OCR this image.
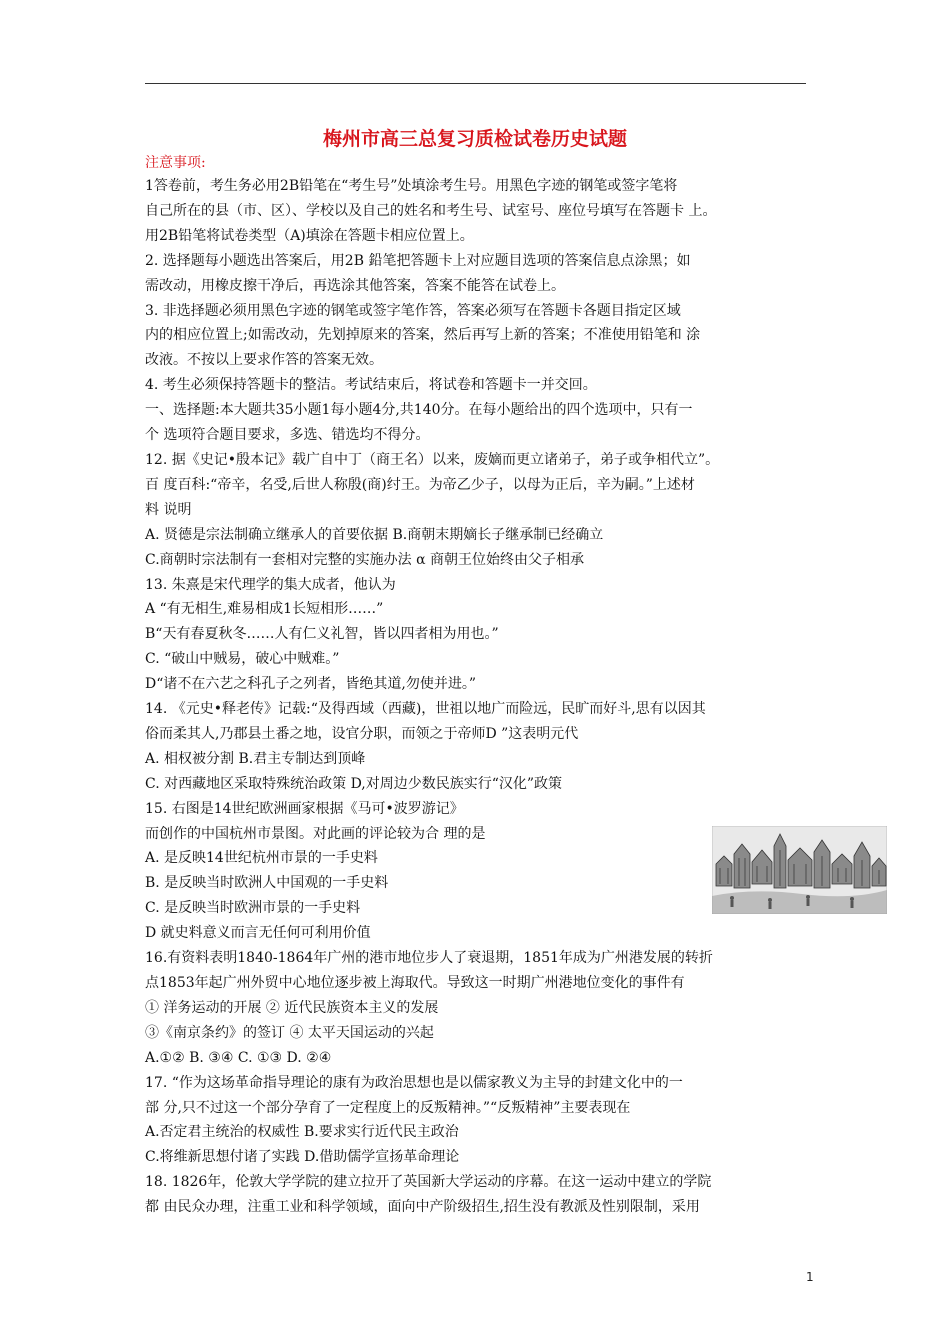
梅州市高三总复习质检试卷历史试题

注意事项:

1答卷前，考生务必用2B铅笔在“考生号”处填涂考生号。用黑色字迹的钢笔或签字笔将

自己所在的县（市、区）、学校以及自己的姓名和考生号、试室号、座位号填写在答题卡 上。

用2B铅笔将试卷类型（A)填涂在答题卡相应位置上。

2. 选择题每小题选出答案后，用2B 鉛笔把答题卡上对应题目选项的答案信息点涂黑；如

需改动，用橡皮擦干净后，再选涂其他答案，答案不能答在试卷上。

3. 非选择题必须用黑色字迹的钢笔或签字笔作答，答案必须写在答题卡各题目指定区域

内的相应位置上;如需改动，先划掉原来的答案，然后再写上新的答案；不准使用铅笔和 涂

改液。不按以上要求作答的答案无效。

4. 考生必须保持答题卡的整洁。考试结束后，将试卷和答题卡一并交回。

一、选择题:本大题共35小题1每小题4分,共140分。在每小题给出的四个选项中，只有一

个 选项符合题目要求，多选、错选均不得分。

12. 据《史记•殷本记》载广自中丁（商王名）以来，废嫡而更立诸弟子，弟子或争相代立”。

百 度百科:“帝辛，名受,后世人称殷(商)纣王。为帝乙少子，以母为正后，辛为嗣。”上述材

料 说明

A. 贤德是宗法制确立继承人的首要依据 B.商朝末期嫡长子继承制已经确立

C.商朝时宗法制有一套相对完整的实施办法 α 商朝王位始终由父子相承

13. 朱熹是宋代理学的集大成者，他认为

A “有无相生,难易相成1长短相形……”

B“天有春夏秋冬……人有仁义礼智，皆以四者相为用也。”

C. “破山中贼易，破心中贼难。”

D“诸不在六艺之科孔子之列者，皆绝其道,勿使并进。”

14. 《元史•释老传》记载:“及得西域（西藏)，世祖以地广而险远，民旷而好斗,思有以因其

俗而柔其人,乃郡县土番之地，设官分职，而领之于帝师D ”这表明元代

A. 相权被分割 B.君主专制达到顶峰

C. 对西藏地区采取特殊统治政策 D,对周边少数民族实行“汉化”政策

15. 右图是14世纪欧洲画家根据《马可•波罗游记》

而创作的中国杭州市景图。对此画的评论较为合 理的是

A. 是反映14世纪杭州市景的一手史料

B. 是反映当时欧洲人中国观的一手史料

C. 是反映当时欧洲市景的一手史料

D 就史料意义而言无任何可利用价值

16.有资料表明1840-1864年广州的港市地位步人了衰退期，1851年成为广州港发展的转折

点1853年起广州外贸中心地位逐步被上海取代。导致这一时期广州港地位变化的事件有

① 洋务运动的开展 ② 近代民族资本主义的发展

③《南京条约》的签订 ④ 太平天国运动的兴起

A.①② B. ③④ C. ①③ D. ②④

17. “作为这场革命指导理论的康有为政治思想也是以儒家教义为主导的封建文化中的一

部 分,只不过这一个部分孕育了一定程度上的反叛精神。”“反叛精神”主要表现在

A.否定君主统治的权威性 B.要求实行近代民主政治

C.将维新思想付诸了实践 D.借助儒学宣扬革命理论

18. 1826年，伦敦大学学院的建立拉开了英国新大学运动的序幕。在这一运动中建立的学院

都 由民众办理，注重工业和科学领域，面向中产阶级招生,招生没有教派及性别限制，采用

1
